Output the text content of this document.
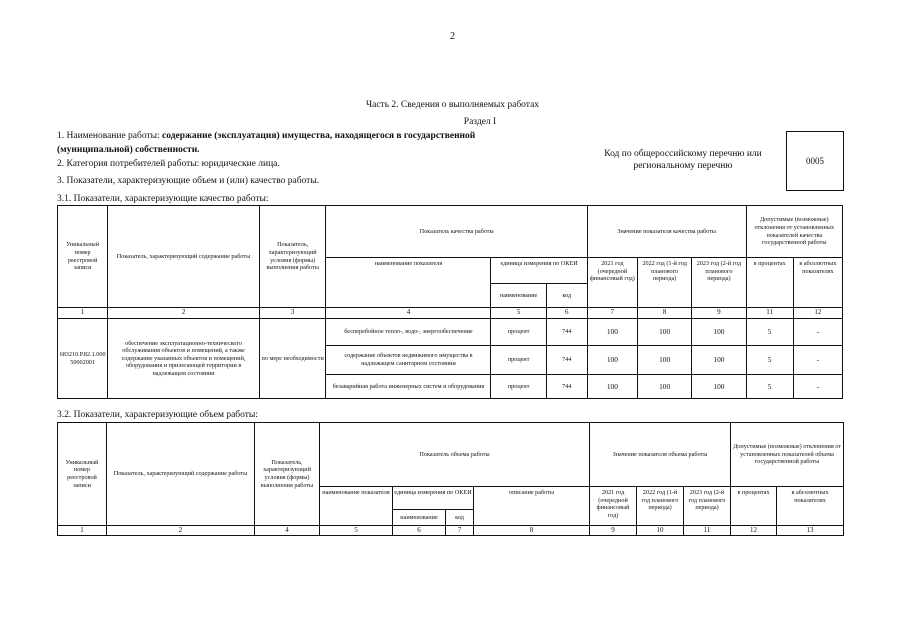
2
Часть 2. Сведения о выполняемых работах
Раздел I
1. Наименование работы: содержание (эксплуатация) имущества, находящегося в государственной
(муниципальной) собственности.
2. Категория потребителей работы: юридические лица.
3. Показатели, характеризующие объем и (или) качество работы.
Код по общероссийскому перечню или
региональному перечню	0005
3.1. Показатели, характеризующие качество работы:
Уникальный номер реестровой записи	Показатель, характеризующий содержание работы	Показатель, характеризующий условия (формы) выполнения работы	Показатель качества работы			Значение показателя качества работы			Допустимые (возможные) отклонения от установленных показателей качества государственной работы	
			наименование показателя	единица измерения по ОКЕИ		2021 год (очередной финансовый год)	2022 год (1-й год планового периода)	2023 год (2-й год планового периода)	в процентах	в абсолютных показателях
				наименование	код					
1	2	3	4	5	6	7	8	9	11	12
683210.Р.82.1.00050002001	обеспечение эксплуатационно-технического обслуживания объектов и помещений, а также содержание указанных объектов и помещений, оборудования и прилегающей территории в надлежащем состоянии	по мере необходимости	бесперебойное тепло-, водо-, энергообеспечение	процент	744	100	100	100	5	-
			содержание объектов недвижимого имущества в надлежащем санитарном состоянии	процент	744	100	100	100	5	-
			безаварийная работа инженерных систем и оборудования	процент	744	100	100	100	5	-
3.2. Показатели, характеризующие объем работы:
Уникальный номер реестровой записи	Показатель, характеризующий содержание работы	Показатель, характеризующий условия (формы) выполнения работы	Показатель объема работы				Значение показателя объема работы			Допустимые (возможные) отклонения от установленных показателей объема государственной работы	
			наименование показателя	единица измерения по ОКЕИ		описание работы	2021 год (очередной финансовый год)	2022 год (1-й год планового периода)	2023 год (2-й год планового периода)	в процентах	в абсолютных показателях
				наименование	код						
1	2	4	5	6	7	8	9	10	11	12	13
